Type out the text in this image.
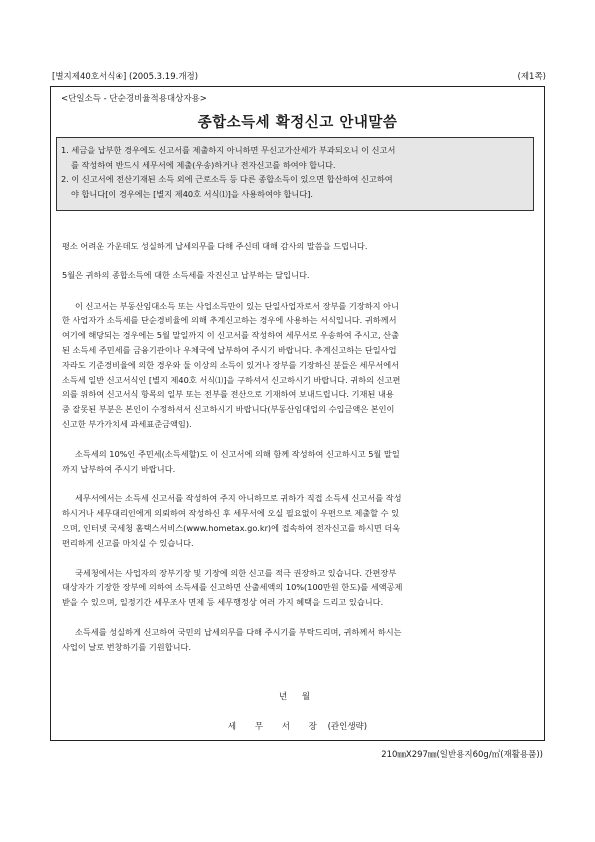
[별지제40호서식④] (2005.3.19.개정)	(제1쪽)
<단일소득 - 단순경비율적용대상자용>
종합소득세 확정신고 안내말씀
1. 세금을 납부한 경우에도 신고서를 제출하지 아니하면 무신고가산세가 부과되오니 이 신고서
를 작성하여 반드시 세무서에 제출(우송)하거나 전자신고를 하여야 합니다.
2. 이 신고서에 전산기재된 소득 외에 근로소득 등 다른 종합소득이 있으면 합산하여 신고하여
야 합니다[이 경우에는 [별지 제40호 서식⑴]을 사용하여야 합니다].

평소 어려운 가운데도 성실하게 납세의무를 다해 주신데 대해 감사의 말씀을 드립니다.

5월은 귀하의 종합소득에 대한 소득세를 자진신고 납부하는 달입니다.

이 신고서는 부동산임대소득 또는 사업소득만이 있는 단일사업자로서 장부를 기장하지 아니

한 사업자가 소득세를 단순경비율에 의해 추계신고하는 경우에 사용하는 서식입니다. 귀하께서

여기에 해당되는 경우에는 5월 말일까지 이 신고서를 작성하여 세무서로 우송하여 주시고, 산출

된 소득세 주민세를 금융기관이나 우체국에 납부하여 주시기 바랍니다. 추계신고하는 단일사업

자라도 기준경비율에 의한 경우와 둘 이상의 소득이 있거나 장부를 기장하신 분들은 세무서에서

소득세 일반 신고서식인 [별지 제40호 서식⑴]을 구하셔서 신고하시기 바랍니다. 귀하의 신고편

의를 위하여 신고서식 항목의 일부 또는 전부를 전산으로 기재하여 보내드립니다. 기재된 내용

중 잘못된 부분은 본인이 수정하셔서 신고하시기 바랍니다(부동산임대업의 수입금액은 본인이

신고한 부가가치세 과세표준금액임).

소득세의 10%인 주민세(소득세할)도 이 신고서에 의해 함께 작성하여 신고하시고 5월 말일

까지 납부하여 주시기 바랍니다.

세무서에서는 소득세 신고서를 작성하여 주지 아니하므로 귀하가 직접 소득세 신고서를 작성

하시거나 세무대리인에게 의뢰하여 작성하신 후 세무서에 오실 필요없이 우편으로 제출할 수 있

으며, 인터넷 국세청 홈택스서비스(www.hometax.go.kr)에 접속하여 전자신고를 하시면 더욱

편리하게 신고를 마치실 수 있습니다.

국세청에서는 사업자의 장부기장 및 기장에 의한 신고를 적극 권장하고 있습니다. 간편장부

대상자가 기장한 장부에 의하여 소득세를 신고하면 산출세액의 10%(100만원 한도)를 세액공제

받을 수 있으며, 일정기간 세무조사 면제 등 세무행정상 여러 가지 혜택을 드리고 있습니다.

소득세를 성실하게 신고하여 국민의 납세의무를 다해 주시기를 부탁드리며, 귀하께서 하시는

사업이 날로 번창하기를 기원합니다.

년 월
세 무 서 장 (관인생략)
210㎜X297㎜(일반용지60g/㎡(재활용품))
